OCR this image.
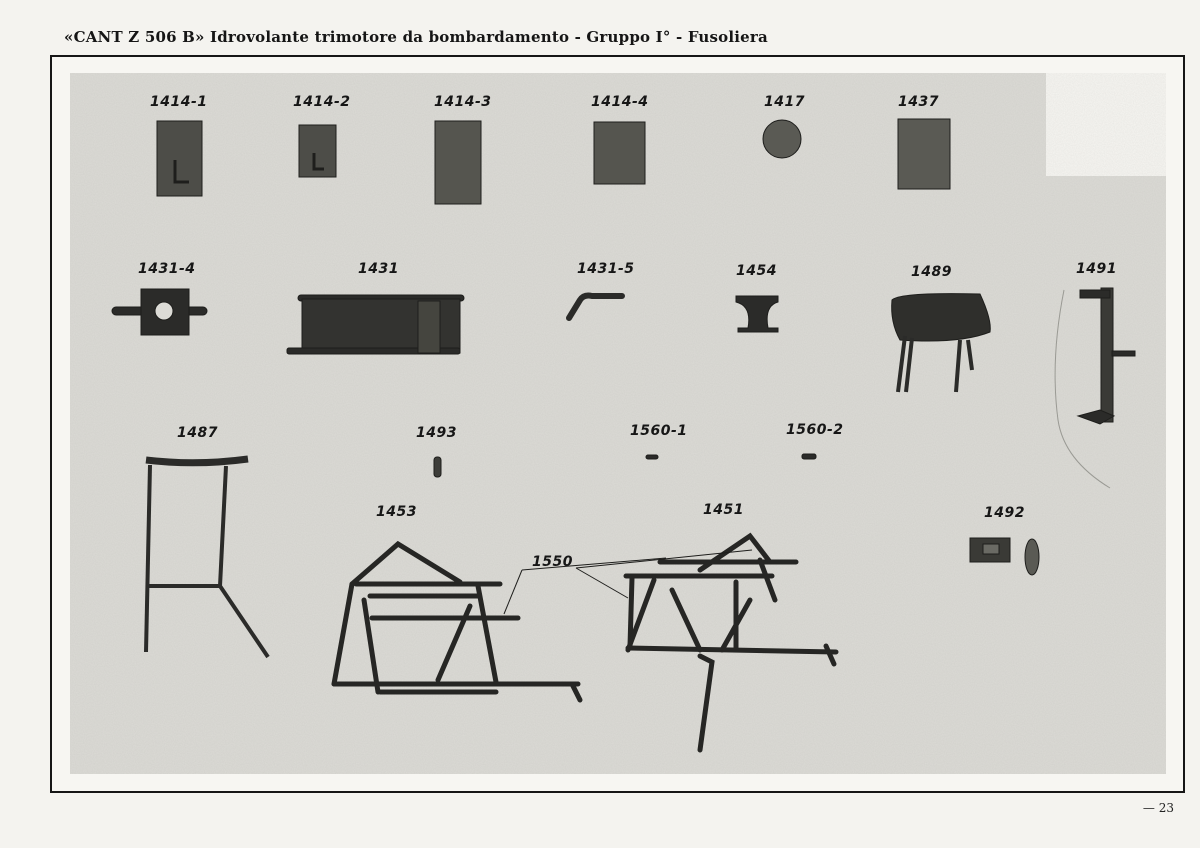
«CANT Z 506 B» Idrovolante trimotore da bombardamento - Gruppo I° - Fusoliera
1414-1	1414-2	1414-3	1414-4	1417	1437
1431-4	1431	1431-5	1454	1489	1491
1487	1493	1560-1	1560-2
1453	1451
1550
1492
— 23
